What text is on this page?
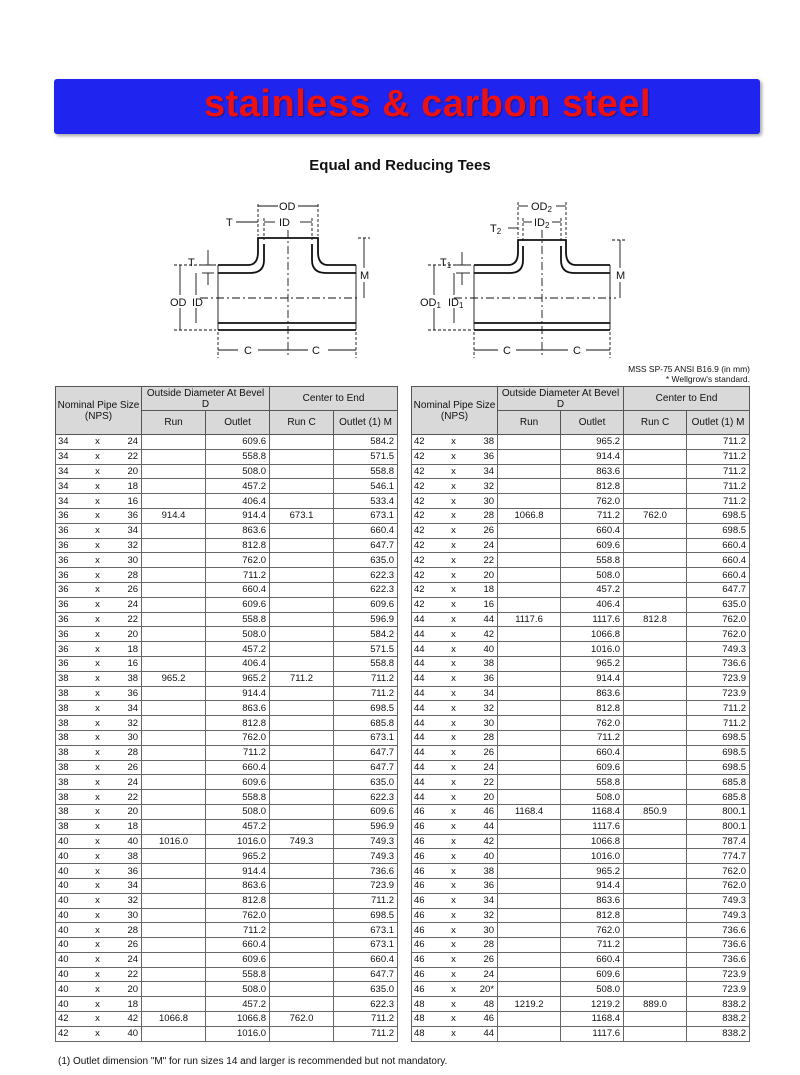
stainless & carbon steel
Equal and Reducing Tees
OD
ID
T
T
M
OD ID
C	C
OD2
ID2
T2
T1
M
OD1 ID1
C	C
MSS SP-75 ANSI B16.9 (in mm)
* Wellgrow's standard.
Nominal Pipe Size (NPS)			Outside Diameter At Bevel D		Center to End	
			Run	Outlet	Run C	Outlet (1) M
34	x	24		609.6		584.2
34	x	22		558.8		571.5
34	x	20		508.0		558.8
34	x	18		457.2		546.1
34	x	16		406.4		533.4
36	x	36	914.4	914.4	673.1	673.1
36	x	34		863.6		660.4
36	x	32		812.8		647.7
36	x	30		762.0		635.0
36	x	28		711.2		622.3
36	x	26		660.4		622.3
36	x	24		609.6		609.6
36	x	22		558.8		596.9
36	x	20		508.0		584.2
36	x	18		457.2		571.5
36	x	16		406.4		558.8
38	x	38	965.2	965.2	711.2	711.2
38	x	36		914.4		711.2
38	x	34		863.6		698.5
38	x	32		812.8		685.8
38	x	30		762.0		673.1
38	x	28		711.2		647.7
38	x	26		660.4		647.7
38	x	24		609.6		635.0
38	x	22		558.8		622.3
38	x	20		508.0		609.6
38	x	18		457.2		596.9
40	x	40	1016.0	1016.0	749.3	749.3
40	x	38		965.2		749.3
40	x	36		914.4		736.6
40	x	34		863.6		723.9
40	x	32		812.8		711.2
40	x	30		762.0		698.5
40	x	28		711.2		673.1
40	x	26		660.4		673.1
40	x	24		609.6		660.4
40	x	22		558.8		647.7
40	x	20		508.0		635.0
40	x	18		457.2		622.3
42	x	42	1066.8	1066.8	762.0	711.2
42	x	40		1016.0		711.2
Nominal Pipe Size (NPS)			Outside Diameter At Bevel D		Center to End	
			Run	Outlet	Run C	Outlet (1) M
42	x	38		965.2		711.2
42	x	36		914.4		711.2
42	x	34		863.6		711.2
42	x	32		812.8		711.2
42	x	30		762.0		711.2
42	x	28	1066.8	711.2	762.0	698.5
42	x	26		660.4		698.5
42	x	24		609.6		660.4
42	x	22		558.8		660.4
42	x	20		508.0		660.4
42	x	18		457.2		647.7
42	x	16		406.4		635.0
44	x	44	1117.6	1117.6	812.8	762.0
44	x	42		1066.8		762.0
44	x	40		1016.0		749.3
44	x	38		965.2		736.6
44	x	36		914.4		723.9
44	x	34		863.6		723.9
44	x	32		812.8		711.2
44	x	30		762.0		711.2
44	x	28		711.2		698.5
44	x	26		660.4		698.5
44	x	24		609.6		698.5
44	x	22		558.8		685.8
44	x	20		508.0		685.8
46	x	46	1168.4	1168.4	850.9	800.1
46	x	44		1117.6		800.1
46	x	42		1066.8		787.4
46	x	40		1016.0		774.7
46	x	38		965.2		762.0
46	x	36		914.4		762.0
46	x	34		863.6		749.3
46	x	32		812.8		749.3
46	x	30		762.0		736.6
46	x	28		711.2		736.6
46	x	26		660.4		736.6
46	x	24		609.6		723.9
46	x	20*		508.0		723.9
48	x	48	1219.2	1219.2	889.0	838.2
48	x	46		1168.4		838.2
48	x	44		1117.6		838.2
(1) Outlet dimension "M" for run sizes 14 and larger is recommended but not mandatory.
